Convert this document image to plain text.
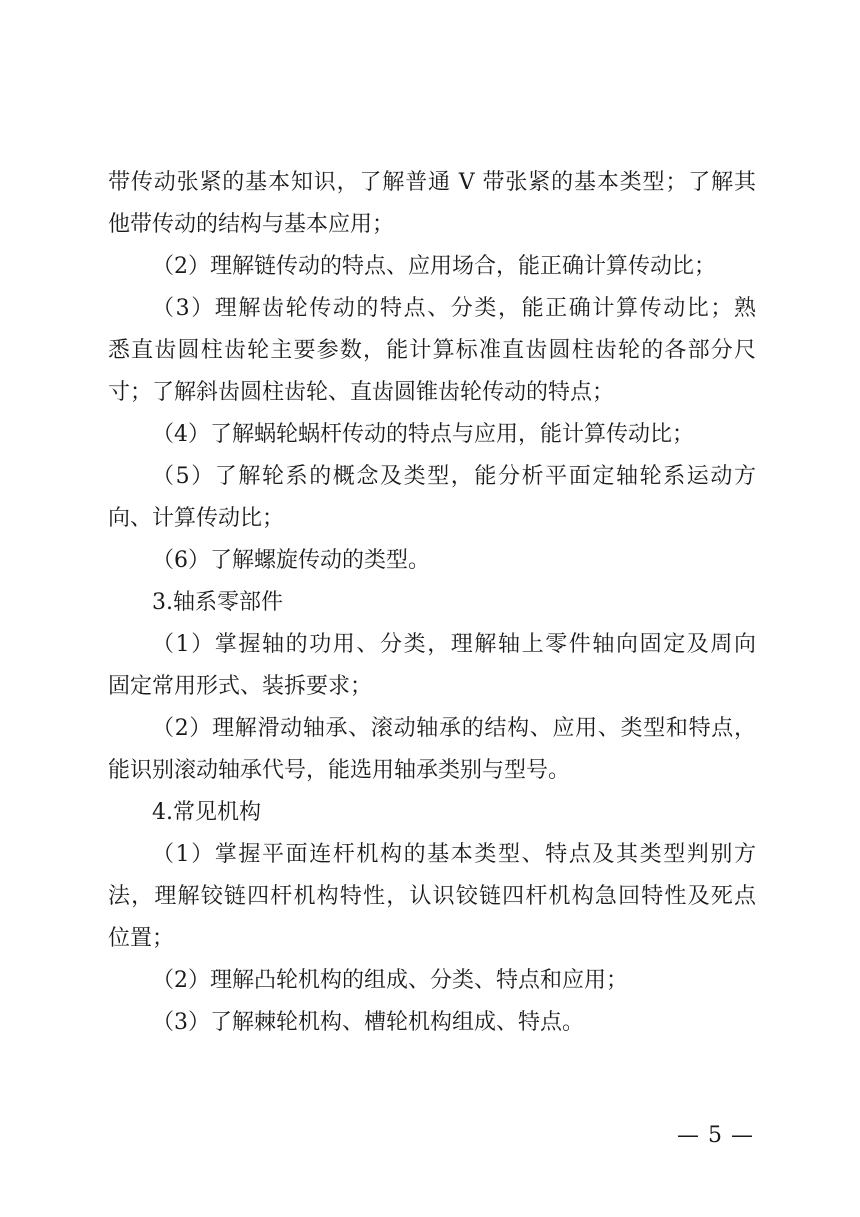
带传动张紧的基本知识，了解普通 V 带张紧的基本类型；了解其
他带传动的结构与基本应用；
（2）理解链传动的特点、应用场合，能正确计算传动比；
（3）理解齿轮传动的特点、分类，能正确计算传动比；熟
悉直齿圆柱齿轮主要参数，能计算标准直齿圆柱齿轮的各部分尺
寸；了解斜齿圆柱齿轮、直齿圆锥齿轮传动的特点；
（4）了解蜗轮蜗杆传动的特点与应用，能计算传动比；
（5）了解轮系的概念及类型，能分析平面定轴轮系运动方
向、计算传动比；
（6）了解螺旋传动的类型。
3.轴系零部件
（1）掌握轴的功用、分类，理解轴上零件轴向固定及周向
固定常用形式、装拆要求；
（2）理解滑动轴承、滚动轴承的结构、应用、类型和特点，
能识别滚动轴承代号，能选用轴承类别与型号。
4.常见机构
（1）掌握平面连杆机构的基本类型、特点及其类型判别方
法，理解铰链四杆机构特性，认识铰链四杆机构急回特性及死点
位置；
（2）理解凸轮机构的组成、分类、特点和应用；
（3）了解棘轮机构、槽轮机构组成、特点。
— 5 —
